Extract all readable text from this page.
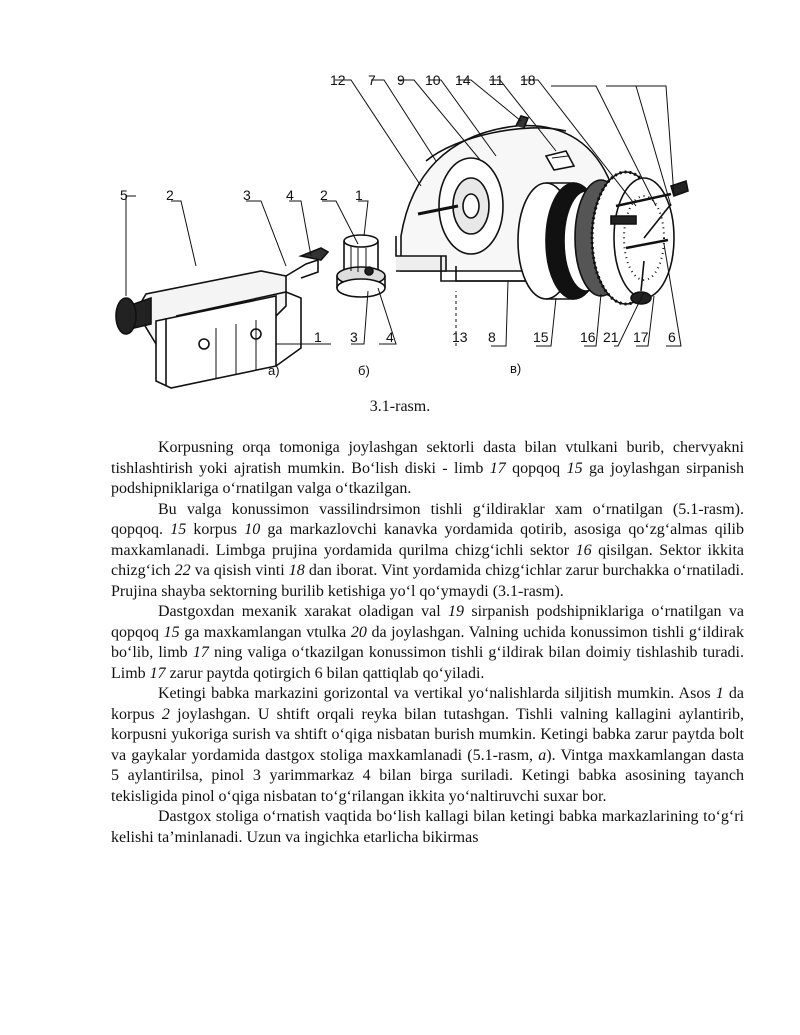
12 7 9 10 14 11 18
5	2	3	4 2 1
1 3 4	13 8	15 16 21 17 6
a)	б)	в)
3.1-rasm.

Korpusning orqa tomoniga joylashgan sektorli dasta bilan vtulkani burib, chervyakni tishlashtirish yoki ajratish mumkin. Bo‘lish diski - limb 17 qopqoq 15 ga joylashgan sirpanish podshipniklariga o‘rnatilgan valga o‘tkazilgan.

Bu valga konussimon vassilindrsimon tishli g‘ildiraklar xam o‘rnatilgan (5.1-rasm). qopqoq. 15 korpus 10 ga markazlovchi kanavka yordamida qotirib, asosiga qo‘zg‘almas qilib maxkamlanadi. Limbga prujina yordamida qurilma chizg‘ichli sektor 16 qisilgan. Sektor ikkita chizg‘ich 22 va qisish vinti 18 dan iborat. Vint yordamida chizg‘ichlar zarur burchakka o‘rnatiladi. Prujina shayba sektorning burilib ketishiga yo‘l qo‘ymaydi (3.1-rasm).

Dastgoxdan mexanik xarakat oladigan val 19 sirpanish podshipniklariga o‘rnatilgan va qopqoq 15 ga maxkamlangan vtulka 20 da joylashgan. Valning uchida konussimon tishli g‘ildirak bo‘lib, limb 17 ning valiga o‘tkazilgan konussimon tishli g‘ildirak bilan doimiy tishlashib turadi. Limb 17 zarur paytda qotirgich 6 bilan qattiqlab qo‘yiladi.

Ketingi babka markazini gorizontal va vertikal yo‘nalishlarda siljitish mumkin. Asos 1 da korpus 2 joylashgan. U shtift orqali reyka bilan tutashgan. Tishli valning kallagini aylantirib, korpusni yukoriga surish va shtift o‘qiga nisbatan burish mumkin. Ketingi babka zarur paytda bolt va gaykalar yordamida dastgox stoliga maxkamlanadi (5.1-rasm, a). Vintga maxkamlangan dasta 5 aylantirilsa, pinol 3 yarimmarkaz 4 bilan birga suriladi. Ketingi babka asosining tayanch tekisligida pinol o‘qiga nisbatan to‘g‘rilangan ikkita yo‘naltiruvchi suxar bor.

Dastgox stoliga o‘rnatish vaqtida bo‘lish kallagi bilan ketingi babka markazlarining to‘g‘ri kelishi ta’minlanadi. Uzun va ingichka etarlicha bikirmas
